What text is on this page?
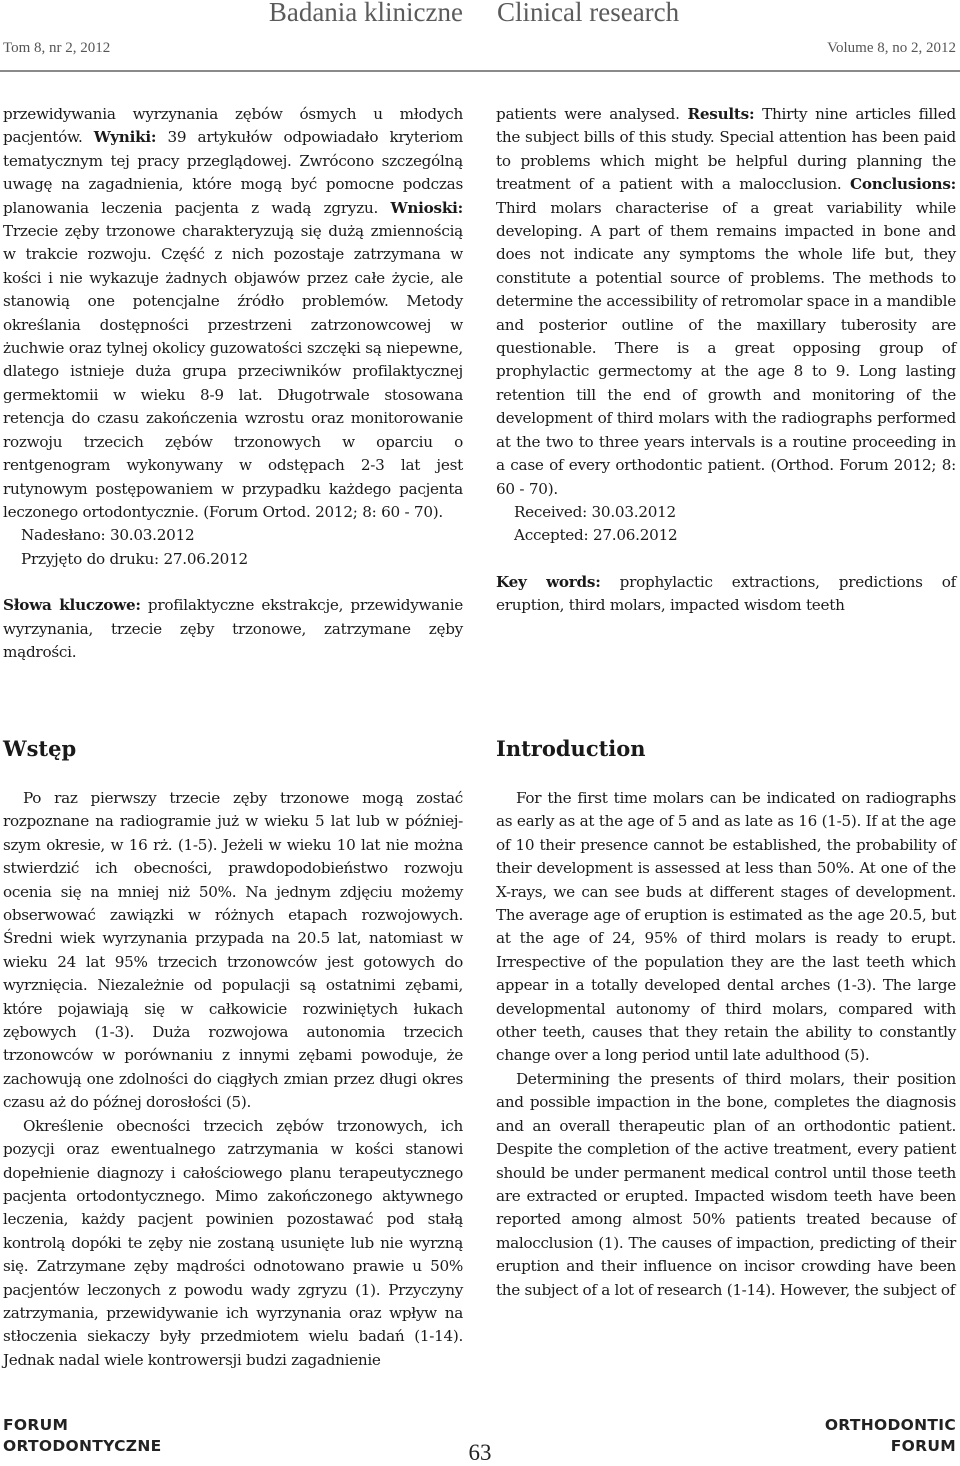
Badania kliniczne Clinical research
Tom 8, nr 2, 2012	Volume 8, no 2, 2012

przewidywania wyrzynania zębów ósmych u młodych pacjentów. Wyniki: 39 artykułów odpowiadało kryteriom tematycznym tej pracy przeglądowej. Zwrócono szczególną uwagę na zagadnienia, które mogą być pomocne podczas planowania leczenia pacjenta z wadą zgryzu. Wnioski: Trzecie zęby trzonowe charakteryzują się dużą zmiennością w trakcie rozwoju. Część z nich pozostaje zatrzymana w kości i nie wykazuje żadnych objawów przez całe życie, ale stanowią one potencjalne źródło problemów. Metody określania dostępności przestrzeni zatrzonowcowej w żuchwie oraz tylnej okolicy guzowatości szczęki są niepewne, dlatego istnieje duża grupa przeciwników profilaktycznej germektomii w wieku 8-9 lat. Długotrwale stosowana retencja do czasu zakończenia wzrostu oraz monitorowanie rozwoju trzecich zębów trzonowych w oparciu o rentgenogram wykonywany w odstępach 2-3 lat jest rutynowym postępowaniem w przypadku każdego pacjenta leczonego ortodontycznie. (Forum Ortod. 2012; 8: 60 - 70).

Nadesłano: 30.03.2012

Przyjęto do druku: 27.06.2012

Słowa kluczowe: profilaktyczne ekstrakcje, przewidywanie wyrzynania, trzecie zęby trzonowe, zatrzymane zęby mądrości.

patients were analysed. Results: Thirty nine articles filled the subject bills of this study. Special attention has been paid to problems which might be helpful during planning the treatment of a patient with a malocclusion. Conclusions: Third molars characterise of a great variability while developing. A part of them remains impacted in bone and does not indicate any symptoms the whole life but, they constitute a potential source of problems. The methods to determine the accessibility of retromolar space in a mandible and posterior outline of the maxillary tuberosity are questionable. There is a great opposing group of prophylactic germectomy at the age 8 to 9. Long lasting retention till the end of growth and monitoring of the development of third molars with the radiographs performed at the two to three years intervals is a routine proceeding in a case of every orthodontic patient. (Orthod. Forum 2012; 8: 60 - 70).

Received: 30.03.2012

Accepted: 27.06.2012

Key words: prophylactic extractions, predictions of eruption, third molars, impacted wisdom teeth

Wstęp	Introduction

Po raz pierwszy trzecie zęby trzonowe mogą zostać rozpoznane na radiogramie już w wieku 5 lat lub w później-szym okresie, w 16 rż. (1-5). Jeżeli w wieku 10 lat nie można stwierdzić ich obecności, prawdopodobieństwo rozwoju ocenia się na mniej niż 50%. Na jednym zdjęciu możemy obserwować zawiązki w różnych etapach rozwojowych. Średni wiek wyrzynania przypada na 20.5 lat, natomiast w wieku 24 lat 95% trzecich trzonowców jest gotowych do wyrznięcia. Niezależnie od populacji są ostatnimi zębami, które pojawiają się w całkowicie rozwiniętych łukach zębowych (1-3). Duża rozwojowa autonomia trzecich trzonowców w porównaniu z innymi zębami powoduje, że zachowują one zdolności do ciągłych zmian przez długi okres czasu aż do późnej dorosłości (5).

Określenie obecności trzecich zębów trzonowych, ich pozycji oraz ewentualnego zatrzymania w kości stanowi dopełnienie diagnozy i całościowego planu terapeutycznego pacjenta ortodontycznego. Mimo zakończonego aktywnego leczenia, każdy pacjent powinien pozostawać pod stałą kontrolą dopóki te zęby nie zostaną usunięte lub nie wyrzną się. Zatrzymane zęby mądrości odnotowano prawie u 50% pacjentów leczonych z powodu wady zgryzu (1). Przyczyny zatrzymania, przewidywanie ich wyrzynania oraz wpływ na stłoczenia siekaczy były przedmiotem wielu badań (1-14). Jednak nadal wiele kontrowersji budzi zagadnienie

For the first time molars can be indicated on radiographs as early as at the age of 5 and as late as 16 (1-5). If at the age of 10 their presence cannot be established, the probability of their development is assessed at less than 50%. At one of the X-rays, we can see buds at different stages of development. The average age of eruption is estimated as the age 20.5, but at the age of 24, 95% of third molars is ready to erupt. Irrespective of the population they are the last teeth which appear in a totally developed dental arches (1-3). The large developmental autonomy of third molars, compared with other teeth, causes that they retain the ability to constantly change over a long period until late adulthood (5).

Determining the presents of third molars, their position and possible impaction in the bone, completes the diagnosis and an overall therapeutic plan of an orthodontic patient. Despite the completion of the active treatment, every patient should be under permanent medical control until those teeth are extracted or erupted. Impacted wisdom teeth have been reported among almost 50% patients treated because of malocclusion (1). The causes of impaction, predicting of their eruption and their influence on incisor crowding have been the subject of a lot of research (1-14). However, the subject of

FORUM
ORTODONTYCZNE	63
ORTHODONTIC
FORUM
